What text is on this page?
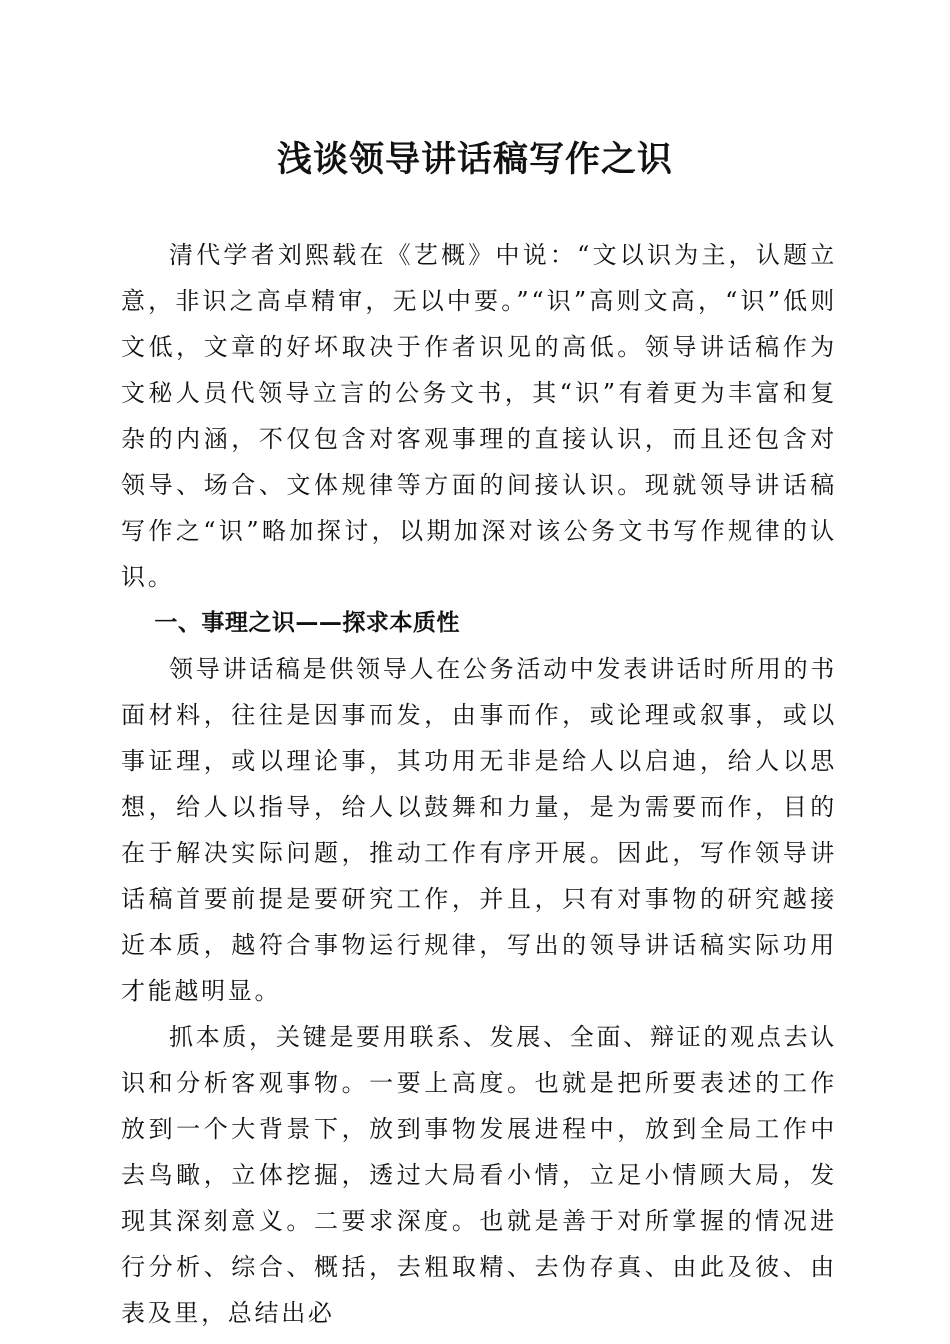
浅谈领导讲话稿写作之识

清代学者刘熙载在《艺概》中说：“文以识为主，认题立意，非识之高卓精审，无以中要。”“识”高则文高，“识”低则文低，文章的好坏取决于作者识见的高低。领导讲话稿作为文秘人员代领导立言的公务文书，其“识”有着更为丰富和复杂的内涵，不仅包含对客观事理的直接认识，而且还包含对领导、场合、文体规律等方面的间接认识。现就领导讲话稿写作之“识”略加探讨，以期加深对该公务文书写作规律的认识。

一、事理之识——探求本质性

领导讲话稿是供领导人在公务活动中发表讲话时所用的书面材料，往往是因事而发，由事而作，或论理或叙事，或以事证理，或以理论事，其功用无非是给人以启迪，给人以思想，给人以指导，给人以鼓舞和力量，是为需要而作，目的在于解决实际问题，推动工作有序开展。因此，写作领导讲话稿首要前提是要研究工作，并且，只有对事物的研究越接近本质，越符合事物运行规律，写出的领导讲话稿实际功用才能越明显。

抓本质，关键是要用联系、发展、全面、辩证的观点去认识和分析客观事物。一要上高度。也就是把所要表述的工作放到一个大背景下，放到事物发展进程中，放到全局工作中去鸟瞰，立体挖掘，透过大局看小情，立足小情顾大局，发现其深刻意义。二要求深度。也就是善于对所掌握的情况进行分析、综合、概括，去粗取精、去伪存真、由此及彼、由表及里，总结出必
